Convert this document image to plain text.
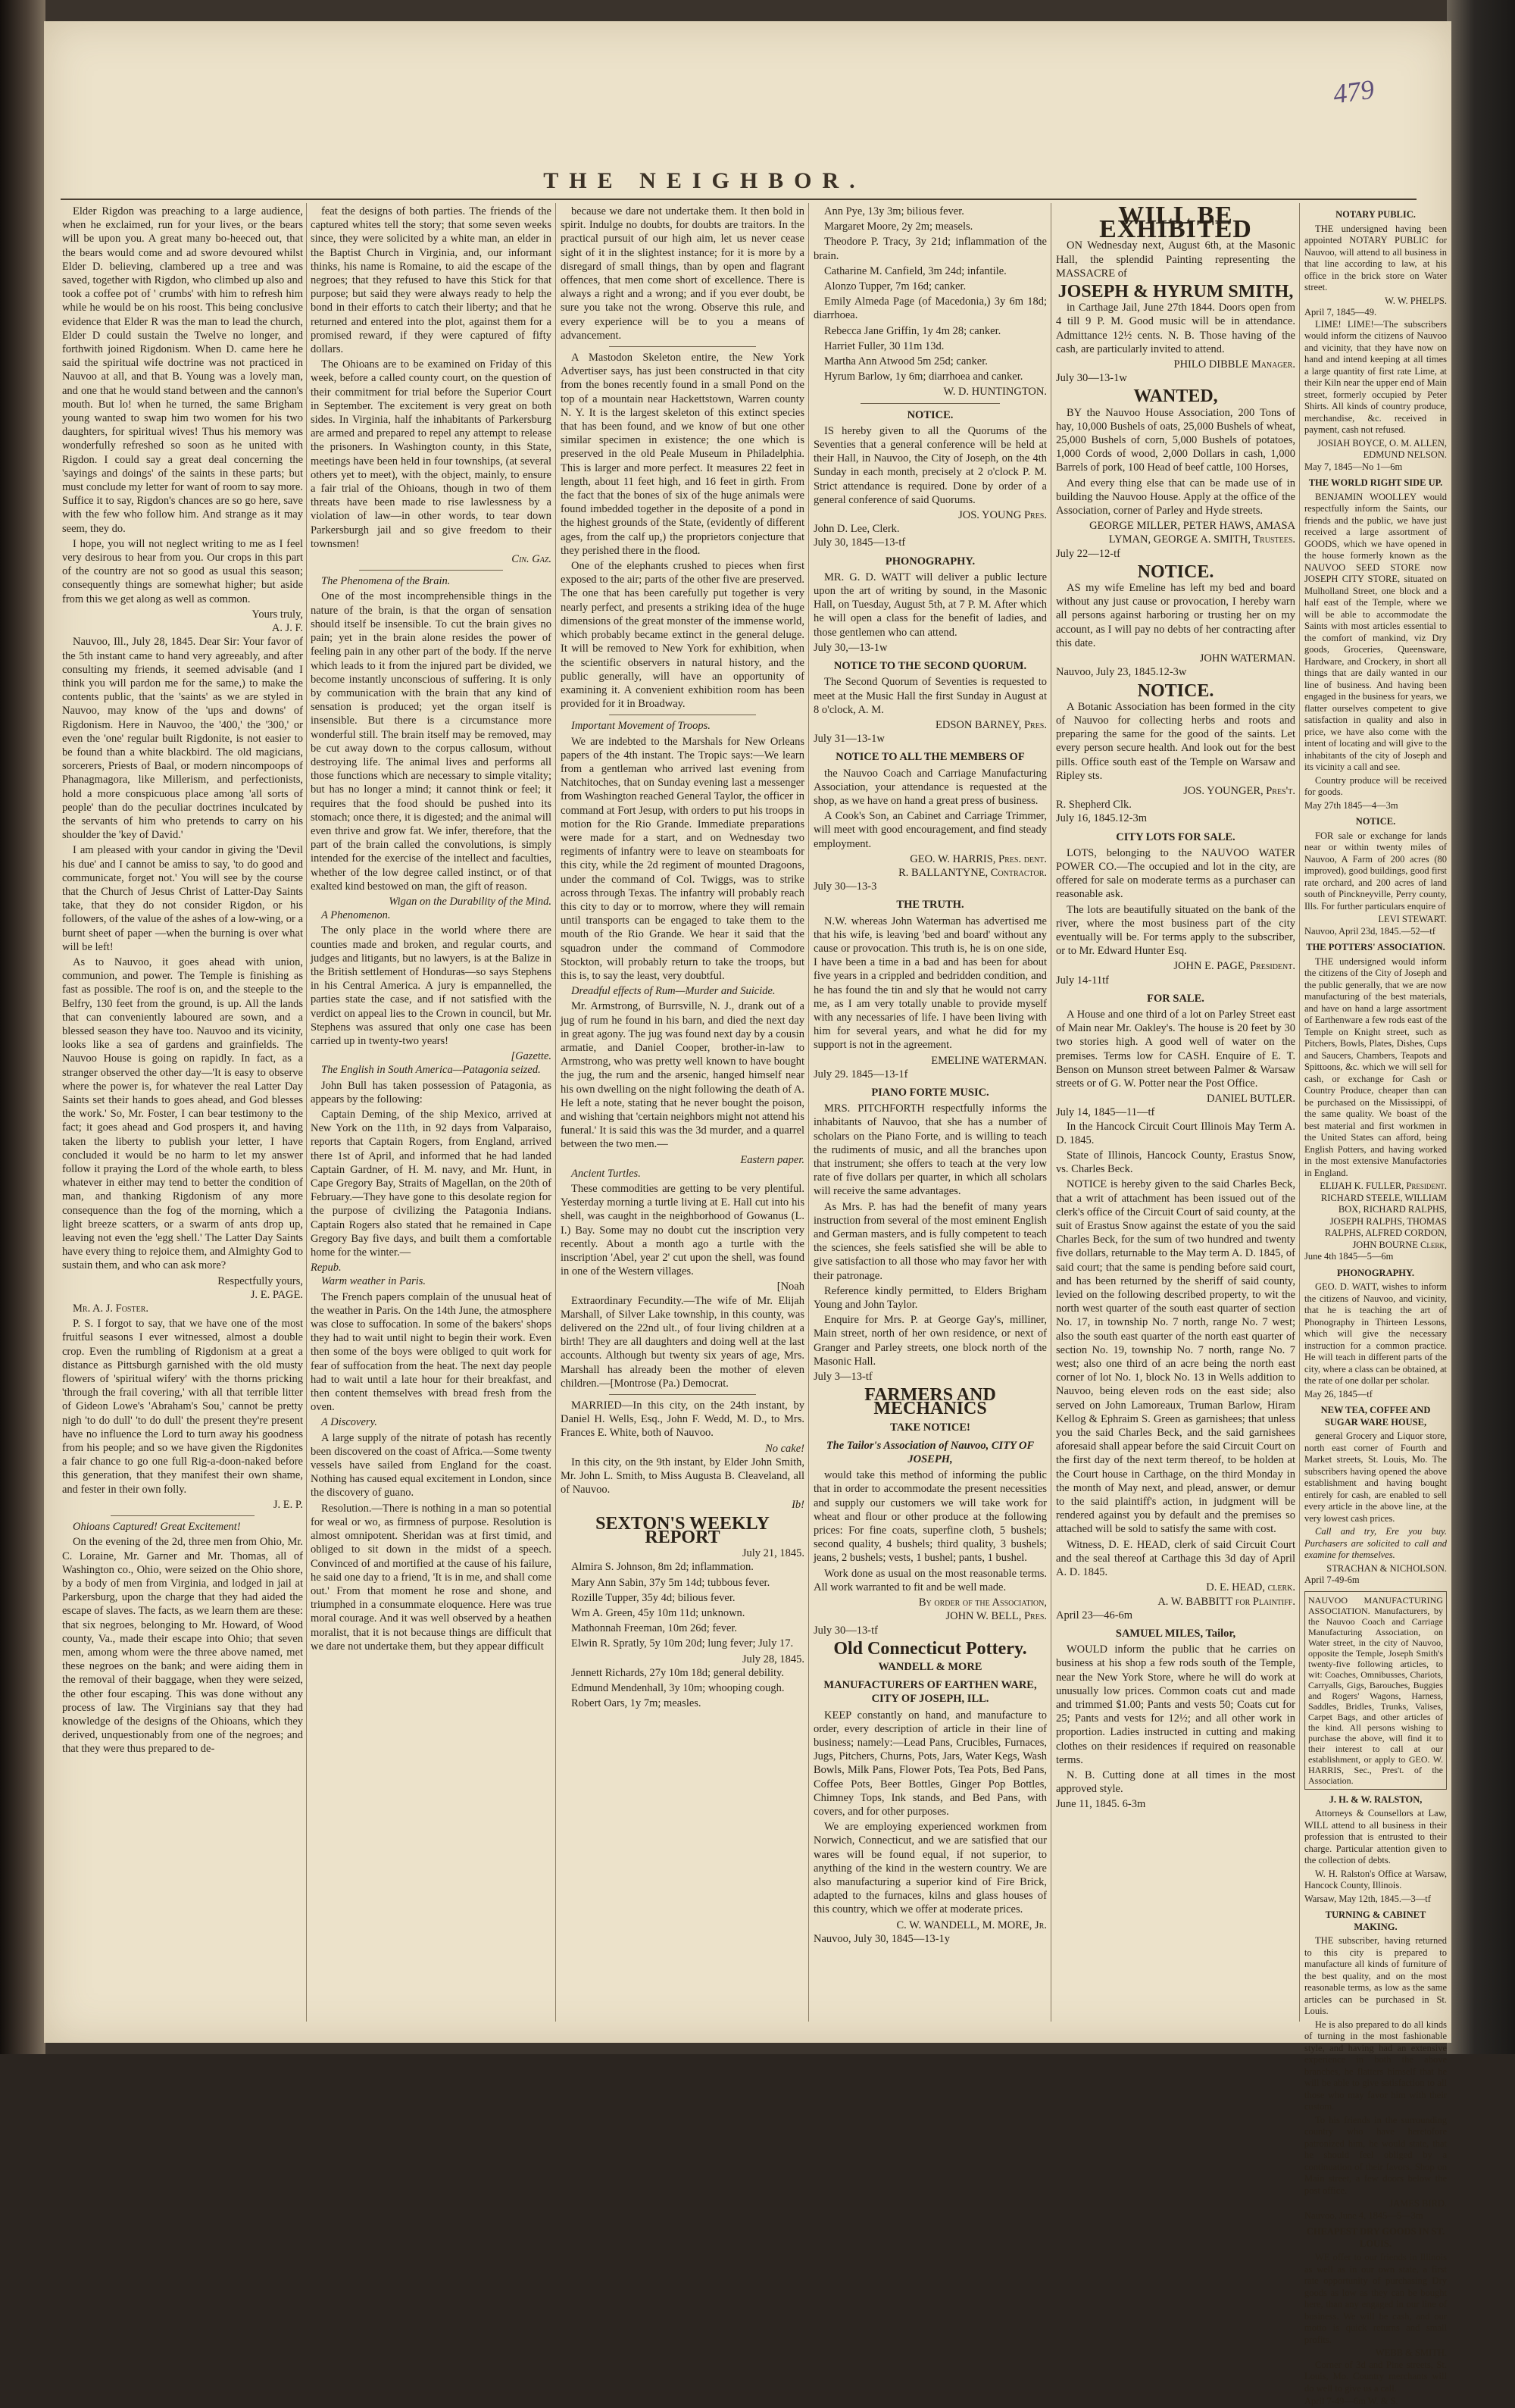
479
THE NEIGHBOR.

Elder Rigdon was preaching to a large audience, when he exclaimed, run for your lives, or the bears will be upon you. A great many bo-heeced out, that the bears would come and ad swore devoured whilst Elder D. believing, clambered up a tree and was saved, together with Rigdon, who climbed up also and took a coffee pot of ' crumbs' with him to refresh him while he would be on his roost. This being conclusive evidence that Elder R was the man to lead the church, Elder D could sustain the Twelve no longer, and forthwith joined Rigdonism. When D. came here he said the spiritual wife doctrine was not practiced in Nauvoo at all, and that B. Young was a lovely man, and one that he would stand between and the cannon's mouth. But lo! when he turned, the same Brigham young wanted to swap him two women for his two daughters, for spiritual wives! Thus his memory was wonderfully refreshed so soon as he united with Rigdon. I could say a great deal concerning the 'sayings and doings' of the saints in these parts; but must conclude my letter for want of room to say more. Suffice it to say, Rigdon's chances are so go here, save with the few who follow him. And strange as it may seem, they do.

I hope, you will not neglect writing to me as I feel very desirous to hear from you. Our crops in this part of the country are not so good as usual this season; consequently things are somewhat higher; but aside from this we get along as well as common.

Yours truly,
A. J. F.

Nauvoo, Ill., July 28, 1845. Dear Sir: Your favor of the 5th instant came to hand very agreeably, and after consulting my friends, it seemed advisable (and I think you will pardon me for the same,) to make the contents public, that the 'saints' as we are styled in Nauvoo, may know of the 'ups and downs' of Rigdonism. Here in Nauvoo, the '400,' the '300,' or even the 'one' regular built Rigdonite, is not easier to be found than a white blackbird. The old magicians, sorcerers, Priests of Baal, or modern nincompoops of Phanagmagora, like Millerism, and perfectionists, hold a more conspicuous place among 'all sorts of people' than do the peculiar doctrines inculcated by the servants of him who pretends to carry on his shoulder the 'key of David.'

I am pleased with your candor in giving the 'Devil his due' and I cannot be amiss to say, 'to do good and communicate, forget not.' You will see by the course that the Church of Jesus Christ of Latter-Day Saints take, that they do not consider Rigdon, or his followers, of the value of the ashes of a low-wing, or a burnt sheet of paper —when the burning is over what will be left!

As to Nauvoo, it goes ahead with union, communion, and power. The Temple is finishing as fast as possible. The roof is on, and the steeple to the Belfry, 130 feet from the ground, is up. All the lands that can conveniently laboured are sown, and a blessed season they have too. Nauvoo and its vicinity, looks like a sea of gardens and grainfields. The Nauvoo House is going on rapidly. In fact, as a stranger observed the other day—'It is easy to observe where the power is, for whatever the real Latter Day Saints set their hands to goes ahead, and God blesses the work.' So, Mr. Foster, I can bear testimony to the fact; it goes ahead and God prospers it, and having taken the liberty to publish your letter, I have concluded it would be no harm to let my answer follow it praying the Lord of the whole earth, to bless whatever in either may tend to better the condition of man, and thanking Rigdonism of any more consequence than the fog of the morning, which a light breeze scatters, or a swarm of ants drop up, leaving not even the 'egg shell.' The Latter Day Saints have every thing to rejoice them, and Almighty God to sustain them, and who can ask more?

Respectfully yours,
J. E. PAGE.

Mr. A. J. Foster.

P. S. I forgot to say, that we have one of the most fruitful seasons I ever witnessed, almost a double crop. Even the rumbling of Rigdonism at a great a distance as Pittsburgh garnished with the old musty flowers of 'spiritual wifery' with the thorns pricking 'through the frail covering,' with all that terrible litter of Gideon Lowe's 'Abraham's Sou,' cannot be pretty nigh 'to do dull' 'to do dull' the present they're present have no influence the Lord to turn away his goodness from his people; and so we have given the Rigdonites a fair chance to go one full Rig-a-doon-naked before this generation, that they manifest their own shame, and fester in their own folly.

J. E. P.

Ohioans Captured! Great Excitement!

On the evening of the 2d, three men from Ohio, Mr. C. Loraine, Mr. Garner and Mr. Thomas, all of Washington co., Ohio, were seized on the Ohio shore, by a body of men from Virginia, and lodged in jail at Parkersburg, upon the charge that they had aided the escape of slaves. The facts, as we learn them are these: that six negroes, belonging to Mr. Howard, of Wood county, Va., made their escape into Ohio; that seven men, among whom were the three above named, met these negroes on the bank; and were aiding them in the removal of their baggage, when they were seized, the other four escaping. This was done without any process of law. The Virginians say that they had knowledge of the designs of the Ohioans, which they derived, unquestionably from one of the negroes; and that they were thus prepared to de-

feat the designs of both parties. The friends of the captured whites tell the story; that some seven weeks since, they were solicited by a white man, an elder in the Baptist Church in Virginia, and, our informant thinks, his name is Romaine, to aid the escape of the negroes; that they refused to have this Stick for that purpose; but said they were always ready to help the bond in their efforts to catch their liberty; and that he returned and entered into the plot, against them for a promised reward, if they were captured of fifty dollars.

The Ohioans are to be examined on Friday of this week, before a called county court, on the question of their commitment for trial before the Superior Court in September. The excitement is very great on both sides. In Virginia, half the inhabitants of Parkersburg are armed and prepared to repel any attempt to release the prisoners. In Washington county, in this State, meetings have been held in four townships, (at several others yet to meet), with the object, mainly, to ensure a fair trial of the Ohioans, though in two of them threats have been made to rise lawlessness by a violation of law—in other words, to tear down Parkersburgh jail and so give freedom to their townsmen!

Cin. Gaz.

The Phenomena of the Brain.

One of the most incomprehensible things in the nature of the brain, is that the organ of sensation should itself be insensible. To cut the brain gives no pain; yet in the brain alone resides the power of feeling pain in any other part of the body. If the nerve which leads to it from the injured part be divided, we become instantly unconscious of suffering. It is only by communication with the brain that any kind of sensation is produced; yet the organ itself is insensible. But there is a circumstance more wonderful still. The brain itself may be removed, may be cut away down to the corpus callosum, without destroying life. The animal lives and performs all those functions which are necessary to simple vitality; but has no longer a mind; it cannot think or feel; it requires that the food should be pushed into its stomach; once there, it is digested; and the animal will even thrive and grow fat. We infer, therefore, that the part of the brain called the convolutions, is simply intended for the exercise of the intellect and faculties, whether of the low degree called instinct, or of that exalted kind bestowed on man, the gift of reason.

Wigan on the Durability of the Mind.

A Phenomenon.

The only place in the world where there are counties made and broken, and regular courts, and judges and litigants, but no lawyers, is at the Balize in the British settlement of Honduras—so says Stephens in his Central America. A jury is empannelled, the parties state the case, and if not satisfied with the verdict on appeal lies to the Crown in council, but Mr. Stephens was assured that only one case has been carried up in twenty-two years!

[Gazette.

The English in South America—Patagonia seized.

John Bull has taken possession of Patagonia, as appears by the following:

Captain Deming, of the ship Mexico, arrived at New York on the 11th, in 92 days from Valparaiso, reports that Captain Rogers, from England, arrived there 1st of April, and informed that he had landed Captain Gardner, of H. M. navy, and Mr. Hunt, in Cape Gregory Bay, Straits of Magellan, on the 20th of February.—They have gone to this desolate region for the purpose of civilizing the Patagonia Indians. Captain Rogers also stated that he remained in Cape Gregory Bay five days, and built them a comfortable home for the winter.—

Repub.

Warm weather in Paris.

The French papers complain of the unusual heat of the weather in Paris. On the 14th June, the atmosphere was close to suffocation. In some of the bakers' shops they had to wait until night to begin their work. Even then some of the boys were obliged to quit work for fear of suffocation from the heat. The next day people had to wait until a late hour for their breakfast, and then content themselves with bread fresh from the oven.

A Discovery.

A large supply of the nitrate of potash has recently been discovered on the coast of Africa.—Some twenty vessels have sailed from England for the coast. Nothing has caused equal excitement in London, since the discovery of guano.

Resolution.—There is nothing in a man so potential for weal or wo, as firmness of purpose. Resolution is almost omnipotent. Sheridan was at first timid, and obliged to sit down in the midst of a speech. Convinced of and mortified at the cause of his failure, he said one day to a friend, 'It is in me, and shall come out.' From that moment he rose and shone, and triumphed in a consummate eloquence. Here was true moral courage. And it was well observed by a heathen moralist, that it is not because things are difficult that we dare not undertake them, but they appear difficult

because we dare not undertake them. It then bold in spirit. Indulge no doubts, for doubts are traitors. In the practical pursuit of our high aim, let us never cease sight of it in the slightest instance; for it is more by a disregard of small things, than by open and flagrant offences, that men come short of excellence. There is always a right and a wrong; and if you ever doubt, be sure you take not the wrong. Observe this rule, and every experience will be to you a means of advancement.

A Mastodon Skeleton entire, the New York Advertiser says, has just been constructed in that city from the bones recently found in a small Pond on the top of a mountain near Hackettstown, Warren county N. Y. It is the largest skeleton of this extinct species that has been found, and we know of but one other similar specimen in existence; the one which is preserved in the old Peale Museum in Philadelphia. This is larger and more perfect. It measures 22 feet in length, about 11 feet high, and 16 feet in girth. From the fact that the bones of six of the huge animals were found imbedded together in the deposite of a pond in the highest grounds of the State, (evidently of different ages, from the calf up,) the proprietors conjecture that they perished there in the flood.

One of the elephants crushed to pieces when first exposed to the air; parts of the other five are preserved. The one that has been carefully put together is very nearly perfect, and presents a striking idea of the huge dimensions of the great monster of the immense world, which probably became extinct in the general deluge. It will be removed to New York for exhibition, when the scientific observers in natural history, and the public generally, will have an opportunity of examining it. A convenient exhibition room has been provided for it in Broadway.

Important Movement of Troops.

We are indebted to the Marshals for New Orleans papers of the 4th instant. The Tropic says:—We learn from a gentleman who arrived last evening from Natchitoches, that on Sunday evening last a messenger from Washington reached General Taylor, the officer in command at Fort Jesup, with orders to put his troops in motion for the Rio Grande. Immediate preparations were made for a start, and on Wednesday two regiments of infantry were to leave on steamboats for this city, while the 2d regiment of mounted Dragoons, under the command of Col. Twiggs, was to strike across through Texas. The infantry will probably reach this city to day or to morrow, where they will remain until transports can be engaged to take them to the mouth of the Rio Grande. We hear it said that the squadron under the command of Commodore Stockton, will probably return to take the troops, but this is, to say the least, very doubtful.

Dreadful effects of Rum—Murder and Suicide.

Mr. Armstrong, of Burrsville, N. J., drank out of a jug of rum he found in his barn, and died the next day in great agony. The jug was found next day by a cousin armatie, and Daniel Cooper, brother-in-law to Armstrong, who was pretty well known to have bought the jug, the rum and the arsenic, hanged himself near his own dwelling on the night following the death of A. He left a note, stating that he never bought the poison, and wishing that 'certain neighbors might not attend his funeral.' It is said this was the 3d murder, and a quarrel between the two men.—

Eastern paper.

Ancient Turtles.

These commodities are getting to be very plentiful. Yesterday morning a turtle living at E. Hall cut into his shell, was caught in the neighborhood of Gowanus (L. I.) Bay. Some may no doubt cut the inscription very recently. About a month ago a turtle with the inscription 'Abel, year 2' cut upon the shell, was found in one of the Western villages.

[Noah

Extraordinary Fecundity.—The wife of Mr. Elijah Marshall, of Silver Lake township, in this county, was delivered on the 22nd ult., of four living children at a birth! They are all daughters and doing well at the last accounts. Although but twenty six years of age, Mrs. Marshall has already been the mother of eleven children.—[Montrose (Pa.) Democrat.

MARRIED—In this city, on the 24th instant, by Daniel H. Wells, Esq., John F. Wedd, M. D., to Mrs. Frances E. White, both of Nauvoo.

No cake!

In this city, on the 9th instant, by Elder John Smith, Mr. John L. Smith, to Miss Augusta B. Cleaveland, all of Nauvoo.

Ib!
SEXTON'S WEEKLY REPORT
July 21, 1845.

Almira S. Johnson, 8m 2d; inflammation.

Mary Ann Sabin, 37y 5m 14d; tubbous fever.

Rozille Tupper, 35y 4d; bilious fever.

Wm A. Green, 45y 10m 11d; unknown.

Mathonnah Freeman, 10m 26d; fever.

Elwin R. Spratly, 5y 10m 20d; lung fever; July 17.

July 28, 1845.

Jennett Richards, 27y 10m 18d; general debility.

Edmund Mendenhall, 3y 10m; whooping cough.

Robert Oars, 1y 7m; measles.

Ann Pye, 13y 3m; bilious fever.

Margaret Moore, 2y 2m; measels.

Theodore P. Tracy, 3y 21d; inflammation of the brain.

Catharine M. Canfield, 3m 24d; infantile.

Alonzo Tupper, 7m 16d; canker.

Emily Almeda Page (of Macedonia,) 3y 6m 18d; diarrhoea.

Rebecca Jane Griffin, 1y 4m 28; canker.

Harriet Fuller, 30 11m 13d.

Martha Ann Atwood 5m 25d; canker.

Hyrum Barlow, 1y 6m; diarrhoea and canker.

W. D. HUNTINGTON.
NOTICE.

IS hereby given to all the Quorums of the Seventies that a general conference will be held at their Hall, in Nauvoo, the City of Joseph, on the 4th Sunday in each month, precisely at 2 o'clock P. M. Strict attendance is required. Done by order of a general conference of said Quorums.

JOS. YOUNG Pres.
John D. Lee, Clerk.
July 30, 1845—13-tf
PHONOGRAPHY.

MR. G. D. WATT will deliver a public lecture upon the art of writing by sound, in the Masonic Hall, on Tuesday, August 5th, at 7 P. M. After which he will open a class for the benefit of ladies, and those gentlemen who can attend.

July 30,—13-1w
NOTICE TO THE SECOND QUORUM.

The Second Quorum of Seventies is requested to meet at the Music Hall the first Sunday in August at 8 o'clock, A. M.

EDSON BARNEY, Pres.
July 31—13-1w
NOTICE TO ALL THE MEMBERS OF

the Nauvoo Coach and Carriage Manufacturing Association, your attendance is requested at the shop, as we have on hand a great press of business.

A Cook's Son, an Cabinet and Carriage Trimmer, will meet with good encouragement, and find steady employment.

GEO. W. HARRIS, Pres. dent.
R. BALLANTYNE, Contractor.
July 30—13-3
THE TRUTH.

N.W. whereas John Waterman has advertised me that his wife, is leaving 'bed and board' without any cause or provocation. This truth is, he is on one side, I have been a time in a bad and has been for about five years in a crippled and bedridden condition, and he has found the tin and sly that he would not carry me, as I am very totally unable to provide myself with any necessaries of life. I have been living with him for several years, and what he did for my support is not in the agreement.

EMELINE WATERMAN.
July 29. 1845—13-1f
PIANO FORTE MUSIC.

MRS. PITCHFORTH respectfully informs the inhabitants of Nauvoo, that she has a number of scholars on the Piano Forte, and is willing to teach the rudiments of music, and all the branches upon that instrument; she offers to teach at the very low rate of five dollars per quarter, in which all scholars will receive the same advantages.

As Mrs. P. has had the benefit of many years instruction from several of the most eminent English and German masters, and is fully competent to teach the sciences, she feels satisfied she will be able to give satisfaction to all those who may favor her with their patronage.

Reference kindly permitted, to Elders Brigham Young and John Taylor.

Enquire for Mrs. P. at George Gay's, milliner, Main street, north of her own residence, or next of Granger and Parley streets, one block north of the Masonic Hall.

July 3—13-tf
FARMERS AND MECHANICS
TAKE NOTICE!
The Tailor's Association of Nauvoo, CITY OF JOSEPH,

would take this method of informing the public that in order to accommodate the present necessities and supply our customers we will take work for wheat and flour or other produce at the following prices: For fine coats, superfine cloth, 5 bushels; second quality, 4 bushels; third quality, 3 bushels; jeans, 2 bushels; vests, 1 bushel; pants, 1 bushel.

Work done as usual on the most reasonable terms. All work warranted to fit and be well made.

By order of the Association,
JOHN W. BELL, Pres.
July 30—13-tf
Old Connecticut Pottery.
WANDELL & MORE
MANUFACTURERS OF EARTHEN WARE, CITY OF JOSEPH, ILL.

KEEP constantly on hand, and manufacture to order, every description of article in their line of business; namely:—Lead Pans, Crucibles, Furnaces, Jugs, Pitchers, Churns, Pots, Jars, Water Kegs, Wash Bowls, Milk Pans, Flower Pots, Tea Pots, Bed Pans, Coffee Pots, Beer Bottles, Ginger Pop Bottles, Chimney Tops, Ink stands, and Bed Pans, with covers, and for other purposes.

We are employing experienced workmen from Norwich, Connecticut, and we are satisfied that our wares will be found equal, if not superior, to anything of the kind in the western country. We are also manufacturing a superior kind of Fire Brick, adapted to the furnaces, kilns and glass houses of this country, which we offer at moderate prices.

C. W. WANDELL, M. MORE, Jr.
Nauvoo, July 30, 1845—13-1y
WILL BE EXHIBITED

ON Wednesday next, August 6th, at the Masonic Hall, the splendid Painting representing the MASSACRE of

JOSEPH & HYRUM SMITH,

in Carthage Jail, June 27th 1844. Doors open from 4 till 9 P. M. Good music will be in attendance. Admittance 12½ cents. N. B. Those having of the cash, are particularly invited to attend.

PHILO DIBBLE Manager.
July 30—13-1w
WANTED,

BY the Nauvoo House Association, 200 Tons of hay, 10,000 Bushels of oats, 25,000 Bushels of wheat, 25,000 Bushels of corn, 5,000 Bushels of potatoes, 1,000 Cords of wood, 2,000 Dollars in cash, 1,000 Barrels of pork, 100 Head of beef cattle, 100 Horses,

And every thing else that can be made use of in building the Nauvoo House. Apply at the office of the Association, corner of Parley and Hyde streets.

GEORGE MILLER, PETER HAWS, AMASA LYMAN, GEORGE A. SMITH, Trustees.
July 22—12-tf
NOTICE.

AS my wife Emeline has left my bed and board without any just cause or provocation, I hereby warn all persons against harboring or trusting her on my account, as I will pay no debts of her contracting after this date.

JOHN WATERMAN.
Nauvoo, July 23, 1845.12-3w
NOTICE.

A Botanic Association has been formed in the city of Nauvoo for collecting herbs and roots and preparing the same for the good of the saints. Let every person secure health. And look out for the best pills. Office south east of the Temple on Warsaw and Ripley sts.

JOS. YOUNGER, Pres't.
R. Shepherd Clk.
July 16, 1845.12-3m
CITY LOTS FOR SALE.

LOTS, belonging to the NAUVOO WATER POWER CO.—The occupied and lot in the city, are offered for sale on moderate terms as a purchaser can reasonable ask.

The lots are beautifully situated on the bank of the river, where the most business part of the city eventually will be. For terms apply to the subscriber, or to Mr. Edward Hunter Esq.

JOHN E. PAGE, President.
July 14-11tf
FOR SALE.

A House and one third of a lot on Parley Street east of Main near Mr. Oakley's. The house is 20 feet by 30 two stories high. A good well of water on the premises. Terms low for CASH. Enquire of E. T. Benson on Munson street between Palmer & Warsaw streets or of G. W. Potter near the Post Office.

DANIEL BUTLER.
July 14, 1845—11—tf

In the Hancock Circuit Court Illinois May Term A. D. 1845.

State of Illinois, Hancock County, Erastus Snow, vs. Charles Beck.

NOTICE is hereby given to the said Charles Beck, that a writ of attachment has been issued out of the clerk's office of the Circuit Court of said county, at the suit of Erastus Snow against the estate of you the said Charles Beck, for the sum of two hundred and twenty five dollars, returnable to the May term A. D. 1845, of said court; that the same is pending before said court, and has been returned by the sheriff of said county, levied on the following described property, to wit the north west quarter of the south east quarter of section No. 17, in township No. 7 north, range No. 7 west; also the south east quarter of the north east quarter of section No. 19, township No. 7 north, range No. 7 west; also one third of an acre being the north east corner of lot No. 1, block No. 13 in Wells addition to Nauvoo, being eleven rods on the east side; also served on John Lamoreaux, Truman Barlow, Hiram Kellog & Ephraim S. Green as garnishees; that unless you the said Charles Beck, and the said garnishees aforesaid shall appear before the said Circuit Court on the first day of the next term thereof, to be holden at the Court house in Carthage, on the third Monday in the month of May next, and plead, answer, or demur to the said plaintiff's action, in judgment will be rendered against you by default and the premises so attached will be sold to satisfy the same with cost.

Witness, D. E. HEAD, clerk of said Circuit Court and the seal thereof at Carthage this 3d day of April A. D. 1845.

D. E. HEAD, clerk.
A. W. BABBITT for Plaintiff.
April 23—46-6m
SAMUEL MILES, Tailor,

WOULD inform the public that he carries on business at his shop a few rods south of the Temple, near the New York Store, where he will do work at unusually low prices. Common coats cut and made and trimmed $1.00; Pants and vests 50; Coats cut for 25; Pants and vests for 12½; and all other work in proportion. Ladies instructed in cutting and making clothes on their residences if required on reasonable terms.

N. B. Cutting done at all times in the most approved style.

June 11, 1845. 6-3m
NOTARY PUBLIC.

THE undersigned having been appointed NOTARY PUBLIC for Nauvoo, will attend to all business in that line according to law, at his office in the brick store on Water street.

W. W. PHELPS.
April 7, 1845—49.

LIME! LIME!—The subscribers would inform the citizens of Nauvoo and vicinity, that they have now on hand and intend keeping at all times a large quantity of first rate Lime, at their Kiln near the upper end of Main street, formerly occupied by Peter Shirts. All kinds of country produce, merchandise, &c. received in payment, cash not refused.

JOSIAH BOYCE, O. M. ALLEN, EDMUND NELSON.
May 7, 1845—No 1—6m
THE WORLD RIGHT SIDE UP.

BENJAMIN WOOLLEY would respectfully inform the Saints, our friends and the public, we have just received a large assortment of GOODS, which we have opened in the house formerly known as the NAUVOO SEED STORE now JOSEPH CITY STORE, situated on Mulholland Street, one block and a half east of the Temple, where we will be able to accommodate the Saints with most articles essential to the comfort of mankind, viz Dry goods, Groceries, Queensware, Hardware, and Crockery, in short all things that are daily wanted in our line of business. And having been engaged in the business for years, we flatter ourselves competent to give satisfaction in quality and also in price, we have also come with the intent of locating and will give to the inhabitants of the city of Joseph and its vicinity a call and see.

Country produce will be received for goods.

May 27th 1845—4—3m
NOTICE.

FOR sale or exchange for lands near or within twenty miles of Nauvoo, A Farm of 200 acres (80 improved), good buildings, good first rate orchard, and 200 acres of land south of Pinckneyville, Perry county, Ills. For further particulars enquire of

LEVI STEWART.
Nauvoo, April 23d, 1845.—52—tf
THE POTTERS' ASSOCIATION.

THE undersigned would inform the citizens of the City of Joseph and the public generally, that we are now manufacturing of the best materials, and have on hand a large assortment of Earthenware a few rods east of the Temple on Knight street, such as Pitchers, Bowls, Plates, Dishes, Cups and Saucers, Chambers, Teapots and Spittoons, &c. which we will sell for cash, or exchange for Cash or Country Produce, cheaper than can be purchased on the Mississippi, of the same quality. We boast of the best material and first workmen in the United States can afford, being English Potters, and having worked in the most extensive Manufactories in England.

ELIJAH K. FULLER, President. RICHARD STEELE, WILLIAM BOX, RICHARD RALPHS, JOSEPH RALPHS, THOMAS RALPHS, ALFRED CORDON, JOHN BOURNE Clerk,
June 4th 1845—5—6m
PHONOGRAPHY.

GEO. D. WATT, wishes to inform the citizens of Nauvoo, and vicinity, that he is teaching the art of Phonography in Thirteen Lessons, which will give the necessary instruction for a common practice. He will teach in different parts of the city, where a class can be obtained, at the rate of one dollar per scholar.

May 26, 1845—tf
NEW TEA, COFFEE AND SUGAR WARE HOUSE,

general Grocery and Liquor store, north east corner of Fourth and Market streets, St. Louis, Mo. The subscribers having opened the above establishment and having bought entirely for cash, are enabled to sell every article in the above line, at the very lowest cash prices.

Call and try, Ere you buy. Purchasers are solicited to call and examine for themselves.

STRACHAN & NICHOLSON.
April 7-49-6m
NAUVOO MANUFACTURING ASSOCIATION. Manufacturers, by the Nauvoo Coach and Carriage Manufacturing Association, on Water street, in the city of Nauvoo, opposite the Temple, Joseph Smith's twenty-five following articles, to wit: Coaches, Omnibusses, Chariots, Carryalls, Gigs, Barouches, Buggies and Rogers' Wagons, Harness, Saddles, Bridles, Trunks, Valises, Carpet Bags, and other articles of the kind. All persons wishing to purchase the above, will find it to their interest to call at our establishment, or apply to GEO. W. HARRIS, Sec., Pres't. of the Association.
J. H. & W. RALSTON,

Attorneys & Counsellors at Law, WILL attend to all business in their profession that is entrusted to their charge. Particular attention given to the collection of debts.

W. H. Ralston's Office at Warsaw, Hancock County, Illinois.

Warsaw, May 12th, 1845.—3—tf
TURNING & CABINET MAKING.

THE subscriber, having returned to this city is prepared to manufacture all kinds of furniture of the best quality, and on the most reasonable terms, as low as the same articles can be purchased in St. Louis.

He is also prepared to do all kinds of turning in the most fashionable style, and having had an extensive experience in both the above branches, he flatters himself that he will be able to give satisfaction to all those who may favor him with their custom.

To his friends in the surrounding country who have heretofore patronized him, he would state, that he should feel obliged by a continuation of their favors. Shop on Main street, a few doors below the post office.

JAMES BIRD.
Nauvoo, June 4, 1845—5—3m
CHEAPEST DRY GOODS IN ST. LOUIS.

WE offer to our friends in Illinois as well as in our own state, a first rate opportunity of purchasing Dry goods as low as they can be bought here, than any engaged in our line of business. We will be cash, and our motto is quick returns and small profits.

WEBB & SMITH.

Corner of 3d and Pine streets, St. Louis, Mo. Country merchants will do well to give us a call.

April 7-49—6m W. & S.
